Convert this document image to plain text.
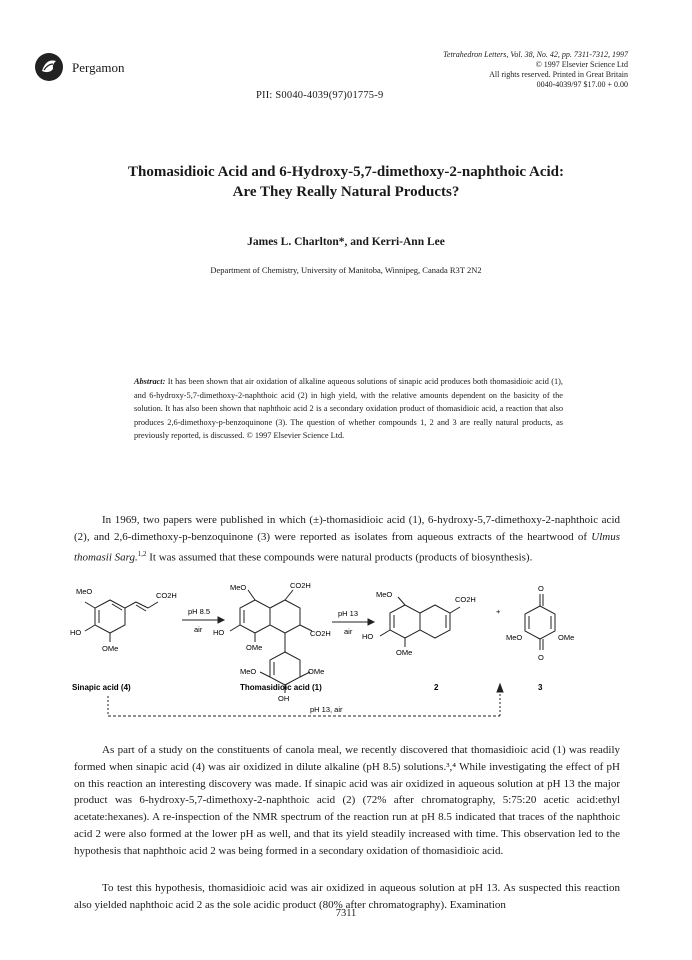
Pergamon
Tetrahedron Letters, Vol. 38, No. 42, pp. 7311-7312, 1997
© 1997 Elsevier Science Ltd
All rights reserved. Printed in Great Britain
0040-4039/97 $17.00 + 0.00
PII: S0040-4039(97)01775-9
Thomasidioic Acid and 6-Hydroxy-5,7-dimethoxy-2-naphthoic Acid:
Are They Really Natural Products?
James L. Charlton*, and Kerri-Ann Lee
Department of Chemistry, University of Manitoba, Winnipeg, Canada R3T 2N2
Abstract: It has been shown that air oxidation of alkaline aqueous solutions of sinapic acid produces both thomasidioic acid (1), and 6-hydroxy-5,7-dimethoxy-2-naphthoic acid (2) in high yield, with the relative amounts dependent on the basicity of the solution. It has also been shown that naphthoic acid 2 is a secondary oxidation product of thomasidioic acid, a reaction that also produces 2,6-dimethoxy-p-benzoquinone (3). The question of whether compounds 1, 2 and 3 are really natural products, as previously reported, is discussed. © 1997 Elsevier Science Ltd.
In 1969, two papers were published in which (±)-thomasidioic acid (1), 6-hydroxy-5,7-dimethoxy-2-naphthoic acid (2), and 2,6-dimethoxy-p-benzoquinone (3) were reported as isolates from aqueous extracts of the heartwood of Ulmus thomasii Sarg.$^{1,2}$ It was assumed that these compounds were natural products (products of biosynthesis).
MeO
HO
OMe
CO2H
pH 8.5
air
MeO	CO2H
HO
OMe
CO2H
MeO	OMe
OH
pH 13
air
MeO
CO2H
HO
OMe
+
O
O
MeO	OMe
Sinapic acid (4)	Thomasidioic acid (1)	2	3
pH 13, air
As part of a study on the constituents of canola meal, we recently discovered that thomasidioic acid (1) was readily formed when sinapic acid (4) was air oxidized in dilute alkaline (pH 8.5) solutions.³,⁴ While investigating the effect of pH on this reaction an interesting discovery was made. If sinapic acid was air oxidized in aqueous solution at pH 13 the major product was 6-hydroxy-5,7-dimethoxy-2-naphthoic acid (2) (72% after chromatography, 5:75:20 acetic acid:ethyl acetate:hexanes). A re-inspection of the NMR spectrum of the reaction run at pH 8.5 indicated that traces of the naphthoic acid 2 were also formed at the lower pH as well, and that its yield steadily increased with time. This observation led to the hypothesis that naphthoic acid 2 was being formed in a secondary oxidation of thomasidioic acid.
To test this hypothesis, thomasidioic acid was air oxidized in aqueous solution at pH 13. As suspected this reaction also yielded naphthoic acid 2 as the sole acidic product (80% after chromatography). Examination
7311
